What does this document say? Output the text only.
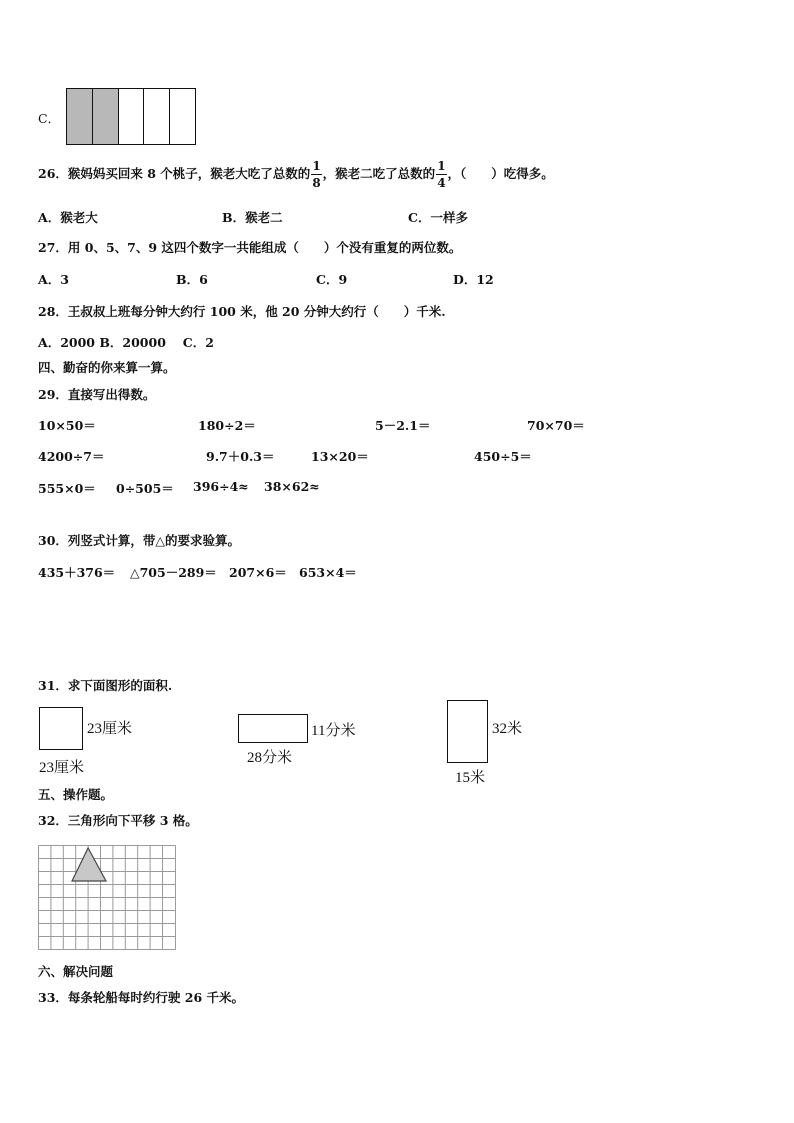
C．
26．猴妈妈买回来 8 个桃子，猴老大吃了总数的 $\frac{1}{8}$ ，猴老二吃了总数的 $\frac{1}{4}$ ，（　　）吃得多。
A．猴老大	B．猴老二	C．一样多
27．用 0、5、7、9 这四个数字一共能组成（　　）个没有重复的两位数。
A．3	B．6	C．9	D．12
28．王叔叔上班每分钟大约行 100 米，他 20 分钟大约行（　　）千米.
A．2000 B．20000　 C．2
四、勤奋的你来算一算。
29．直接写出得数。
10×50＝	180÷2＝	5－2.1＝	70×70＝
4200÷7＝	9.7＋0.3＝	13×20＝	450÷5＝
555×0＝ 0÷505＝ 396÷4≈ 38×62≈
30．列竖式计算，带△的要求验算。
435＋376＝ △705－289＝ 207×6＝ 653×4＝
31．求下面图形的面积.
23厘米
23厘米
11分米
28分米
32米
15米
五、操作题。
32．三角形向下平移 3 格。
六、解决问题
33．每条轮船每时约行驶 26 千米。
